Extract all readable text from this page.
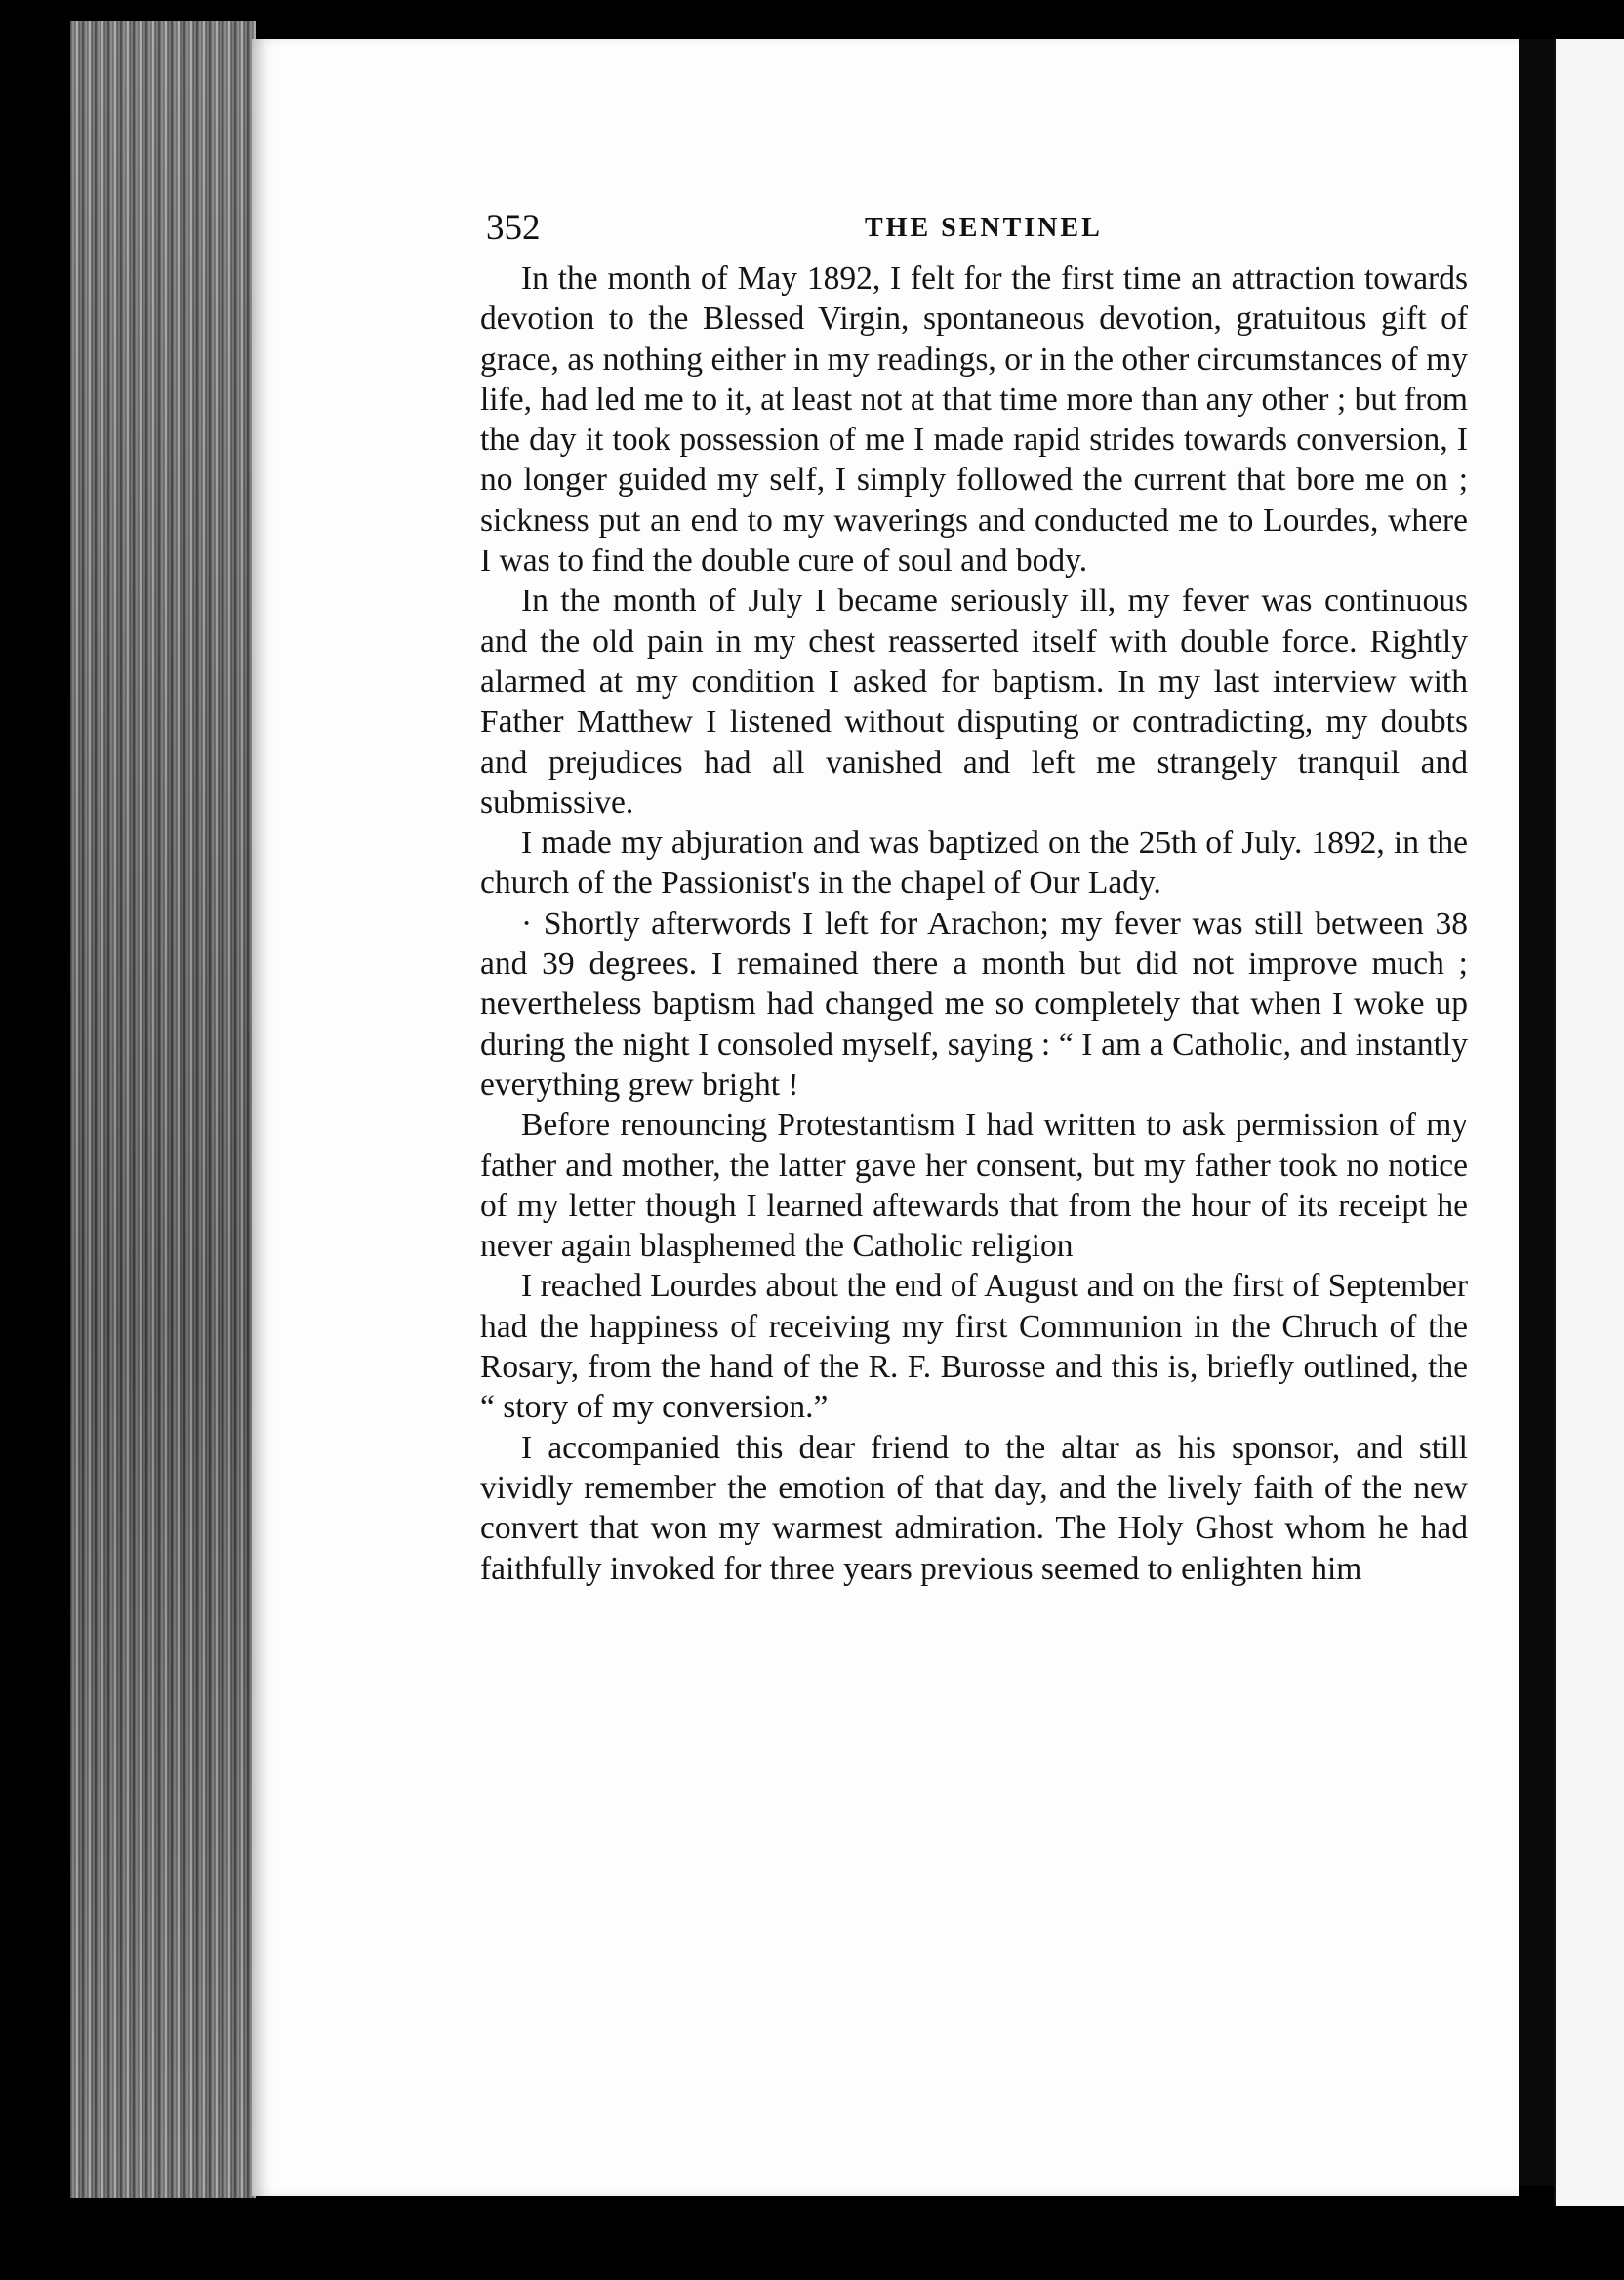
352	THE SENTINEL

In the month of May 1892, I felt for the first time an attraction towards devotion to the Blessed Virgin, spontaneous devotion, gratuitous gift of grace, as nothing either in my readings, or in the other circumstances of my life, had led me to it, at least not at that time more than any other ; but from the day it took possession of me I made rapid strides towards conversion, I no longer guided my self, I simply followed the current that bore me on ; sickness put an end to my waverings and conducted me to Lourdes, where I was to find the double cure of soul and body.

In the month of July I became seriously ill, my fever was continuous and the old pain in my chest reasserted itself with double force. Rightly alarmed at my condition I asked for baptism. In my last interview with Father Matthew I listened without disputing or contradicting, my doubts and prejudices had all vanished and left me strangely tranquil and submissive.

I made my abjuration and was baptized on the 25th of July. 1892, in the church of the Passionist's in the chapel of Our Lady.

· Shortly afterwords I left for Arachon; my fever was still between 38 and 39 degrees. I remained there a month but did not improve much ; nevertheless baptism had changed me so completely that when I woke up during the night I consoled myself, saying : “ I am a Catholic, and instantly everything grew bright !

Before renouncing Protestantism I had written to ask permission of my father and mother, the latter gave her consent, but my father took no notice of my letter though I learned aftewards that from the hour of its receipt he never again blasphemed the Catholic religion

I reached Lourdes about the end of August and on the first of September had the happiness of receiving my first Communion in the Chruch of the Rosary, from the hand of the R. F. Burosse and this is, briefly outlined, the “ story of my conversion.”

I accompanied this dear friend to the altar as his sponsor, and still vividly remember the emotion of that day, and the lively faith of the new convert that won my warmest admiration. The Holy Ghost whom he had faithfully invoked for three years previous seemed to enlighten him
